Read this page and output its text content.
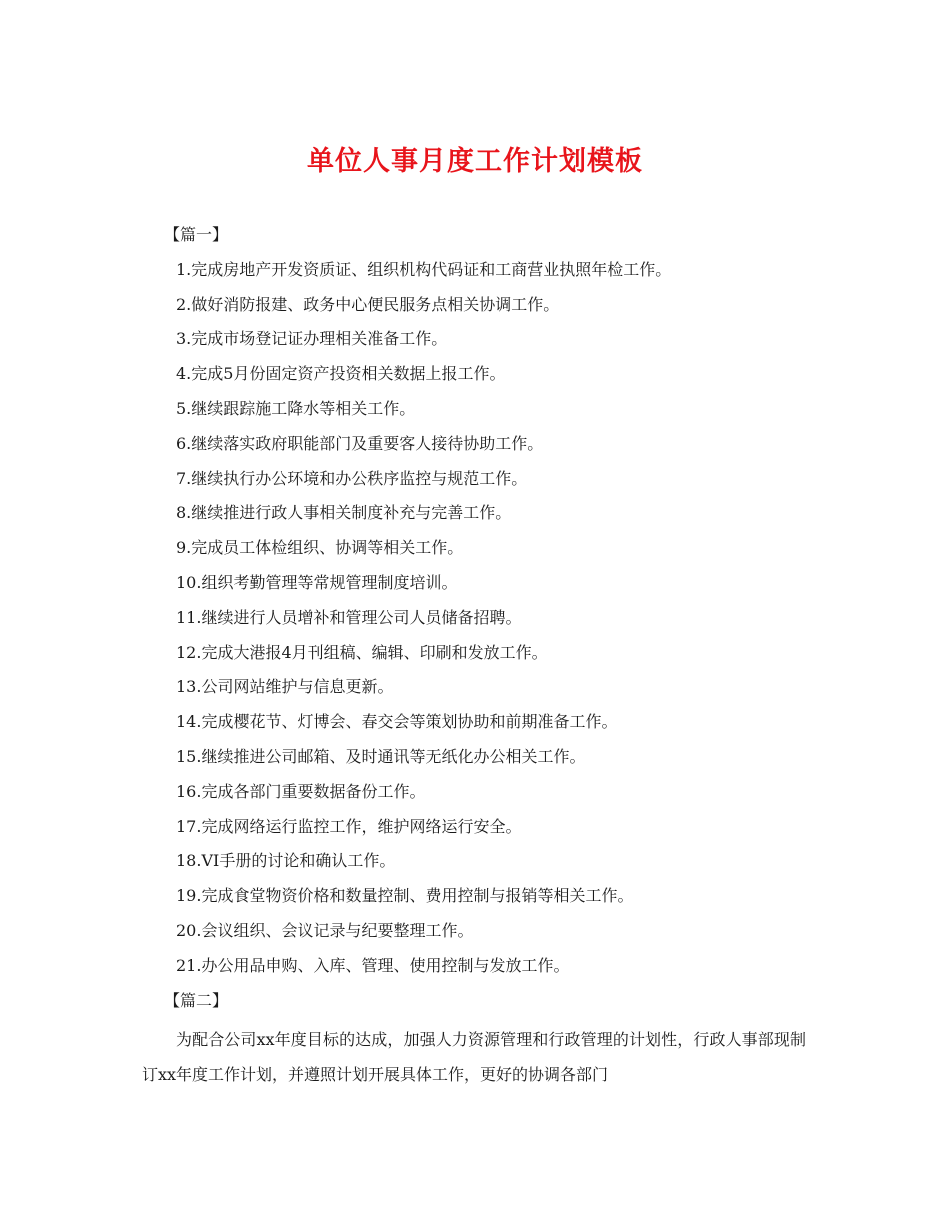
单位人事月度工作计划模板
【篇一】
1.完成房地产开发资质证、组织机构代码证和工商营业执照年检工作。
2.做好消防报建、政务中心便民服务点相关协调工作。
3.完成市场登记证办理相关准备工作。
4.完成5月份固定资产投资相关数据上报工作。
5.继续跟踪施工降水等相关工作。
6.继续落实政府职能部门及重要客人接待协助工作。
7.继续执行办公环境和办公秩序监控与规范工作。
8.继续推进行政人事相关制度补充与完善工作。
9.完成员工体检组织、协调等相关工作。
10.组织考勤管理等常规管理制度培训。
11.继续进行人员增补和管理公司人员储备招聘。
12.完成大港报4月刊组稿、编辑、印刷和发放工作。
13.公司网站维护与信息更新。
14.完成樱花节、灯博会、春交会等策划协助和前期准备工作。
15.继续推进公司邮箱、及时通讯等无纸化办公相关工作。
16.完成各部门重要数据备份工作。
17.完成网络运行监控工作，维护网络运行安全。
18.VI手册的讨论和确认工作。
19.完成食堂物资价格和数量控制、费用控制与报销等相关工作。
20.会议组织、会议记录与纪要整理工作。
21.办公用品申购、入库、管理、使用控制与发放工作。
【篇二】

为配合公司xx年度目标的达成，加强人力资源管理和行政管理的计划性，行政人事部现制订xx年度工作计划，并遵照计划开展具体工作，更好的协调各部门
